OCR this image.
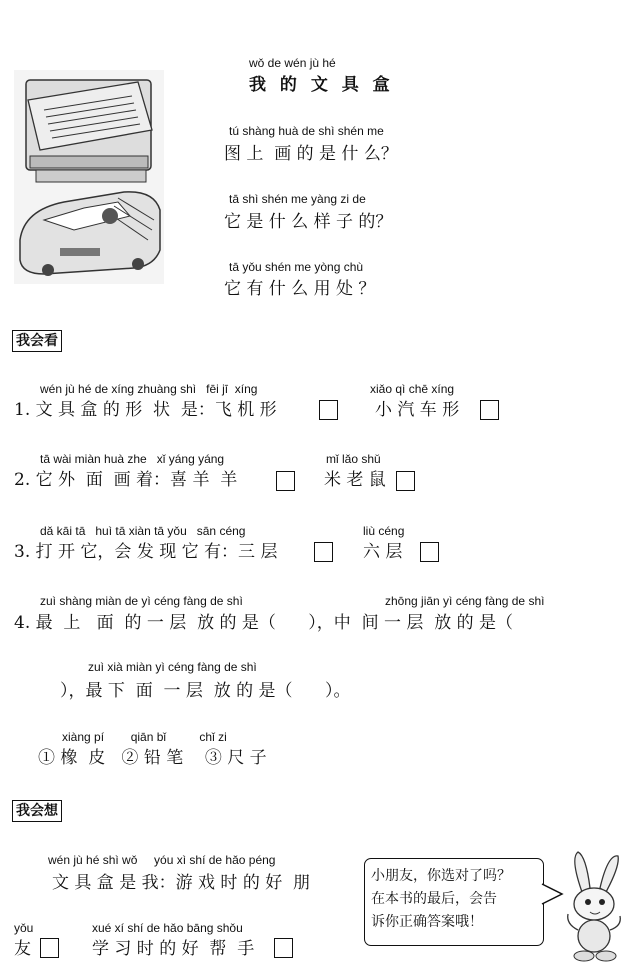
wǒ de wén jù hé
我 的 文 具 盒
tú shàng huà de shì shén me
图 上  画 的 是 什 么？
tā shì shén me yàng zi de
它 是 什 么 样 子 的？
tā yǒu shén me yòng chù
它 有 什 么 用 处 ？
我会看
wén jù hé de xíng zhuàng shì   fēi jī  xíng	xiǎo qì chē xíng
1. 文 具 盒 的 形  状  是：飞 机 形	小 汽 车 形
tā wài miàn huà zhe   xǐ yáng yáng	mǐ lǎo shǔ
2. 它 外  面  画 着：喜 羊  羊	米 老 鼠
dǎ kāi tā   huì tā xiàn tā yǒu   sān céng	liù céng
3. 打 开 它，会 发 现 它 有：三 层	六 层
zuì shàng miàn de yì céng fàng de shì	zhōng jiān yì céng fàng de shì
4. 最  上   面  的 一 层  放 的 是（      ），中  间 一 层  放 的 是（
zuì xià miàn yì céng fàng de shì
），最 下  面  一 层  放 的 是（      ）。
xiàng pí        qiān bǐ          chǐ zi
① 橡  皮   ② 铅 笔    ③ 尺 子
我会想
wén jù hé shì wǒ     yóu xì shí de hǎo péng
文 具 盒 是 我：游 戏 时 的 好  朋
yǒu	xué xí shí de hǎo bāng shǒu
友	学 习 时 的 好  帮  手
小朋友，你选对了吗？
在本书的最后，会告
诉你正确答案哦！
